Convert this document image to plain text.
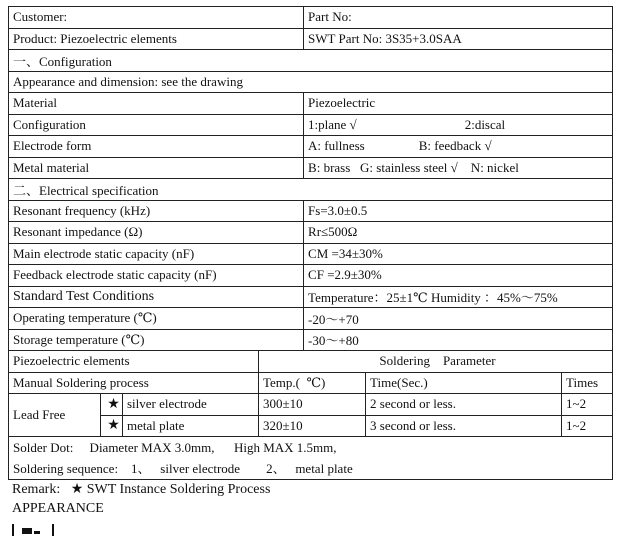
Customer:				Part No:		
Product: Piezoelectric elements				SWT Part No: 3S35+3.0SAA		
一、Configuration						
Appearance and dimension: see the drawing						
Material				Piezoelectric		
Configuration				1:plane √ 2:discal		
Electrode form				A: fullness B: feedback √		
Metal material				B: brass   G: stainless steel √    N: nickel		
二、Electrical specification						
Resonant frequency (kHz)				Fs=3.0±0.5		
Resonant impedance (Ω)				Rr≤500Ω		
Main electrode static capacity (nF)				CM =34±30%		
Feedback electrode static capacity (nF)				CF =2.9±30%		
Standard Test Conditions				Temperature：25±1℃ Humidity ：45%～75%		
Operating temperature (℃)				-20～+70		
Storage temperature (℃)				-30～+80		
Piezoelectric elements			Soldering    Parameter			
Manual Soldering process			Temp.(  ℃)		Time(Sec.)	Times
Lead Free	★	silver electrode	300±10		2 second or less.	1~2
	★	metal plate	320±10		3 second or less.	1~2

Solder Dot:     Diameter MAX 3.0mm,      High MAX 1.5mm,
Soldering sequence:    1、   silver electrode        2、   metal plate						
Remark:   ★ SWT Instance Soldering Process
APPEARANCE
